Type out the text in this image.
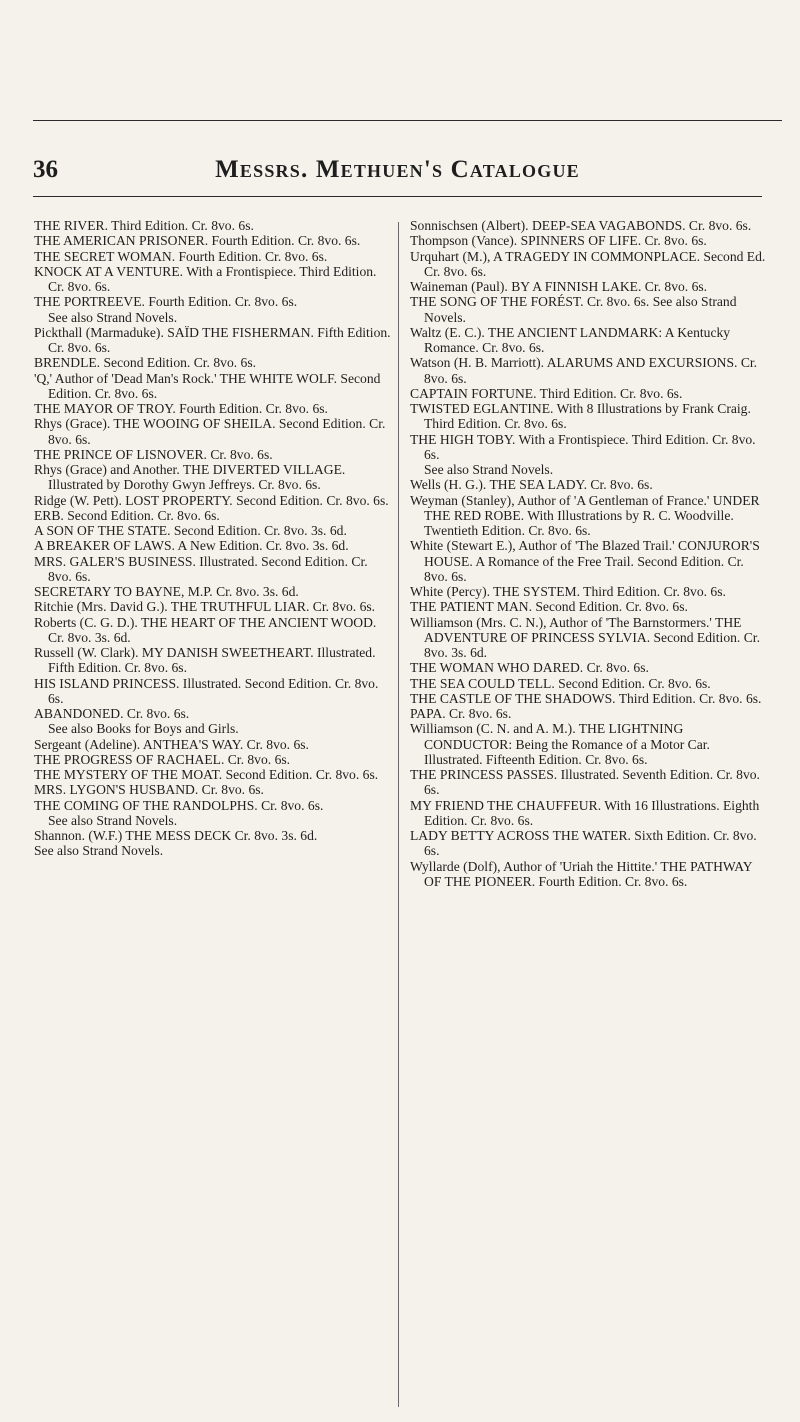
36	Messrs. Methuen's Catalogue

THE RIVER. Third Edition. Cr. 8vo. 6s.

THE AMERICAN PRISONER. Fourth Edition. Cr. 8vo. 6s.

THE SECRET WOMAN. Fourth Edition. Cr. 8vo. 6s.

KNOCK AT A VENTURE. With a Frontispiece. Third Edition. Cr. 8vo. 6s.

THE PORTREEVE. Fourth Edition. Cr. 8vo. 6s.

See also Strand Novels.

Pickthall (Marmaduke). SAÏD THE FISHERMAN. Fifth Edition. Cr. 8vo. 6s.

BRENDLE. Second Edition. Cr. 8vo. 6s.

'Q,' Author of 'Dead Man's Rock.' THE WHITE WOLF. Second Edition. Cr. 8vo. 6s.

THE MAYOR OF TROY. Fourth Edition. Cr. 8vo. 6s.

Rhys (Grace). THE WOOING OF SHEILA. Second Edition. Cr. 8vo. 6s.

THE PRINCE OF LISNOVER. Cr. 8vo. 6s.

Rhys (Grace) and Another. THE DIVERTED VILLAGE. Illustrated by Dorothy Gwyn Jeffreys. Cr. 8vo. 6s.

Ridge (W. Pett). LOST PROPERTY. Second Edition. Cr. 8vo. 6s.

ERB. Second Edition. Cr. 8vo. 6s.

A SON OF THE STATE. Second Edition. Cr. 8vo. 3s. 6d.

A BREAKER OF LAWS. A New Edition. Cr. 8vo. 3s. 6d.

MRS. GALER'S BUSINESS. Illustrated. Second Edition. Cr. 8vo. 6s.

SECRETARY TO BAYNE, M.P. Cr. 8vo. 3s. 6d.

Ritchie (Mrs. David G.). THE TRUTHFUL LIAR. Cr. 8vo. 6s.

Roberts (C. G. D.). THE HEART OF THE ANCIENT WOOD. Cr. 8vo. 3s. 6d.

Russell (W. Clark). MY DANISH SWEETHEART. Illustrated. Fifth Edition. Cr. 8vo. 6s.

HIS ISLAND PRINCESS. Illustrated. Second Edition. Cr. 8vo. 6s.

ABANDONED. Cr. 8vo. 6s.

See also Books for Boys and Girls.

Sergeant (Adeline). ANTHEA'S WAY. Cr. 8vo. 6s.

THE PROGRESS OF RACHAEL. Cr. 8vo. 6s.

THE MYSTERY OF THE MOAT. Second Edition. Cr. 8vo. 6s.

MRS. LYGON'S HUSBAND. Cr. 8vo. 6s.

THE COMING OF THE RANDOLPHS. Cr. 8vo. 6s.

See also Strand Novels.

Shannon. (W.F.) THE MESS DECK Cr. 8vo. 3s. 6d.

See also Strand Novels.

Sonnischsen (Albert). DEEP-SEA VAGABONDS. Cr. 8vo. 6s.

Thompson (Vance). SPINNERS OF LIFE. Cr. 8vo. 6s.

Urquhart (M.), A TRAGEDY IN COMMONPLACE. Second Ed. Cr. 8vo. 6s.

Waineman (Paul). BY A FINNISH LAKE. Cr. 8vo. 6s.

THE SONG OF THE FORÉST. Cr. 8vo. 6s. See also Strand Novels.

Waltz (E. C.). THE ANCIENT LANDMARK: A Kentucky Romance. Cr. 8vo. 6s.

Watson (H. B. Marriott). ALARUMS AND EXCURSIONS. Cr. 8vo. 6s.

CAPTAIN FORTUNE. Third Edition. Cr. 8vo. 6s.

TWISTED EGLANTINE. With 8 Illustrations by Frank Craig. Third Edition. Cr. 8vo. 6s.

THE HIGH TOBY. With a Frontispiece. Third Edition. Cr. 8vo. 6s.

See also Strand Novels.

Wells (H. G.). THE SEA LADY. Cr. 8vo. 6s.

Weyman (Stanley), Author of 'A Gentleman of France.' UNDER THE RED ROBE. With Illustrations by R. C. Woodville. Twentieth Edition. Cr. 8vo. 6s.

White (Stewart E.), Author of 'The Blazed Trail.' CONJUROR'S HOUSE. A Romance of the Free Trail. Second Edition. Cr. 8vo. 6s.

White (Percy). THE SYSTEM. Third Edition. Cr. 8vo. 6s.

THE PATIENT MAN. Second Edition. Cr. 8vo. 6s.

Williamson (Mrs. C. N.), Author of 'The Barnstormers.' THE ADVENTURE OF PRINCESS SYLVIA. Second Edition. Cr. 8vo. 3s. 6d.

THE WOMAN WHO DARED. Cr. 8vo. 6s.

THE SEA COULD TELL. Second Edition. Cr. 8vo. 6s.

THE CASTLE OF THE SHADOWS. Third Edition. Cr. 8vo. 6s.

PAPA. Cr. 8vo. 6s.

Williamson (C. N. and A. M.). THE LIGHTNING CONDUCTOR: Being the Romance of a Motor Car. Illustrated. Fifteenth Edition. Cr. 8vo. 6s.

THE PRINCESS PASSES. Illustrated. Seventh Edition. Cr. 8vo. 6s.

MY FRIEND THE CHAUFFEUR. With 16 Illustrations. Eighth Edition. Cr. 8vo. 6s.

LADY BETTY ACROSS THE WATER. Sixth Edition. Cr. 8vo. 6s.

Wyllarde (Dolf), Author of 'Uriah the Hittite.' THE PATHWAY OF THE PIONEER. Fourth Edition. Cr. 8vo. 6s.
